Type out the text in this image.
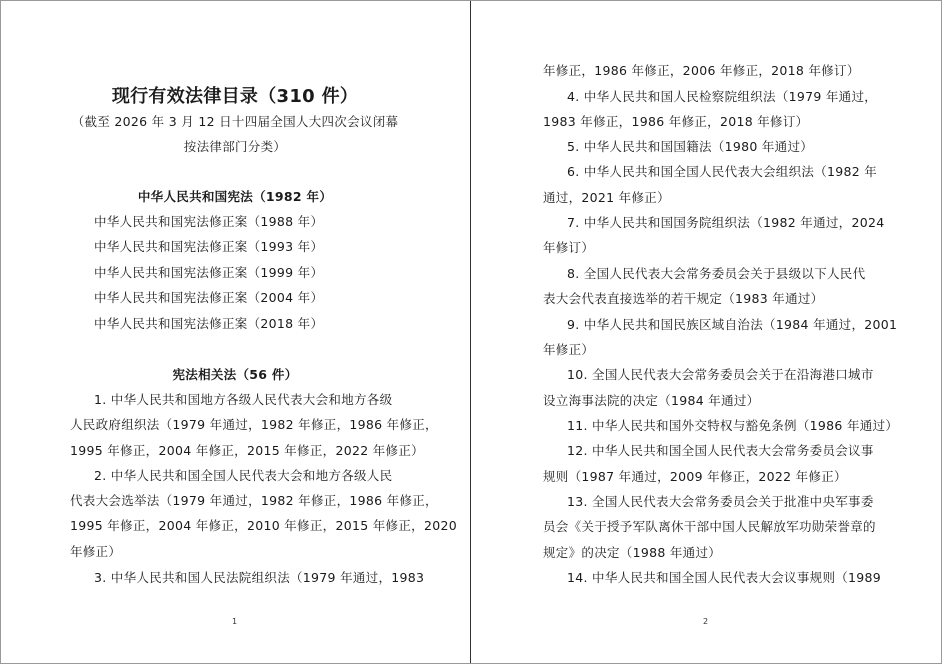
现行有效法律目录（310 件）
（截至 2026 年 3 月 12 日十四届全国人大四次会议闭幕
按法律部门分类）
中华人民共和国宪法（1982 年）
中华人民共和国宪法修正案（1988 年）
中华人民共和国宪法修正案（1993 年）
中华人民共和国宪法修正案（1999 年）
中华人民共和国宪法修正案（2004 年）
中华人民共和国宪法修正案（2018 年）
宪法相关法（56 件）
1. 中华人民共和国地方各级人民代表大会和地方各级
人民政府组织法（1979 年通过，1982 年修正，1986 年修正，
1995 年修正，2004 年修正，2015 年修正，2022 年修正）
2. 中华人民共和国全国人民代表大会和地方各级人民
代表大会选举法（1979 年通过，1982 年修正，1986 年修正，
1995 年修正，2004 年修正，2010 年修正，2015 年修正，2020
年修正）
3. 中华人民共和国人民法院组织法（1979 年通过，1983
1
年修正，1986 年修正，2006 年修正，2018 年修订）
4. 中华人民共和国人民检察院组织法（1979 年通过，
1983 年修正，1986 年修正，2018 年修订）
5. 中华人民共和国国籍法（1980 年通过）
6. 中华人民共和国全国人民代表大会组织法（1982 年
通过，2021 年修正）
7. 中华人民共和国国务院组织法（1982 年通过，2024
年修订）
8. 全国人民代表大会常务委员会关于县级以下人民代
表大会代表直接选举的若干规定（1983 年通过）
9. 中华人民共和国民族区域自治法（1984 年通过，2001
年修正）
10. 全国人民代表大会常务委员会关于在沿海港口城市
设立海事法院的决定（1984 年通过）
11. 中华人民共和国外交特权与豁免条例（1986 年通过）
12. 中华人民共和国全国人民代表大会常务委员会议事
规则（1987 年通过，2009 年修正，2022 年修正）
13. 全国人民代表大会常务委员会关于批准中央军事委
员会《关于授予军队离休干部中国人民解放军功勋荣誉章的
规定》的决定（1988 年通过）
14. 中华人民共和国全国人民代表大会议事规则（1989
2
